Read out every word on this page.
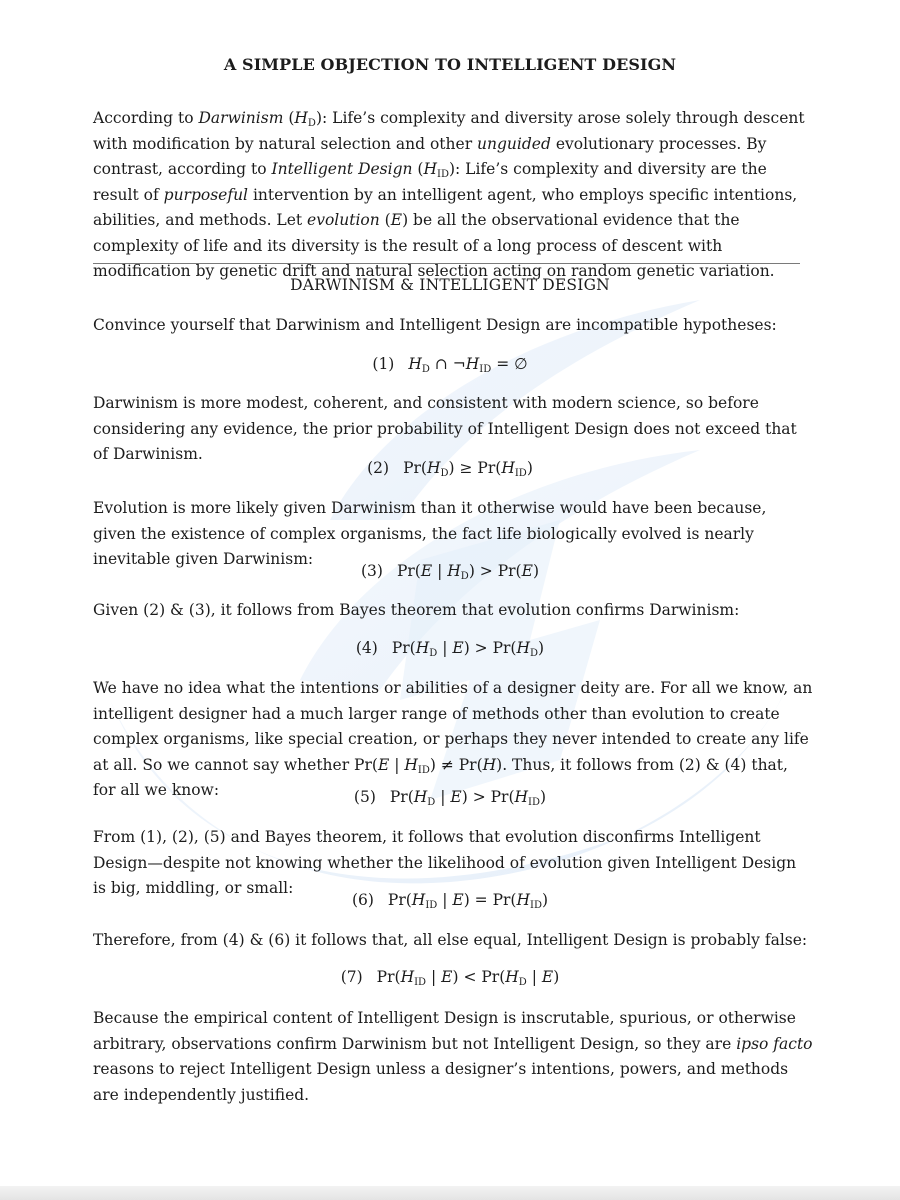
A SIMPLE OBJECTION TO INTELLIGENT DESIGN

According to Darwinism $(H_D)$: Life’s complexity and diversity arose solely through descent with modification by natural selection and other unguided evolutionary processes. By contrast, according to Intelligent Design $(H_{ID})$: Life’s complexity and diversity are the result of purposeful intervention by an intelligent agent, who employs specific intentions, abilities, and methods. Let evolution (E) be all the observational evidence that the complexity of life and its diversity is the result of a long process of descent with modification by genetic drift and natural selection acting on random genetic variation.

DARWINISM & INTELLIGENT DESIGN

Convince yourself that Darwinism and Intelligent Design are incompatible hypotheses:

(1) $H_D$ ∩ $\neg H_{ID}$ = ∅

Darwinism is more modest, coherent, and consistent with modern science, so before considering any evidence, the prior probability of Intelligent Design does not exceed that of Darwinism.

(2) $Pr(H_D) \ge Pr(H_{ID})$

Evolution is more likely given Darwinism than it otherwise would have been because, given the existence of complex organisms, the fact life biologically evolved is nearly inevitable given Darwinism:

(3) Pr(E | $H_D) > Pr(E)$

Given (2) & (3), it follows from Bayes theorem that evolution confirms Darwinism:

(4) $Pr(H_D$ | $E) > Pr(H_D)$

We have no idea what the intentions or abilities of a designer deity are. For all we know, an intelligent designer had a much larger range of methods other than evolution to create complex organisms, like special creation, or perhaps they never intended to create any life at all. So we cannot say whether Pr(E | $H_{ID}) \ne Pr(H)$. Thus, it follows from (2) & (4) that, for all we know:	(5) $Pr(H_D$ | $E) > Pr(H_{ID})$

From (1), (2), (5) and Bayes theorem, it follows that evolution disconfirms Intelligent Design—despite not knowing whether the likelihood of evolution given Intelligent Design is big, middling, or small:

(6) $Pr(H_{ID}$ | $E) = Pr(H_{ID})$

Therefore, from (4) & (6) it follows that, all else equal, Intelligent Design is probably false:

(7) $Pr(H_{ID}$ | $E) < Pr(H_D$ | E)

Because the empirical content of Intelligent Design is inscrutable, spurious, or otherwise arbitrary, observations confirm Darwinism but not Intelligent Design, so they are ipso facto reasons to reject Intelligent Design unless a designer’s intentions, powers, and methods are independently justified.
